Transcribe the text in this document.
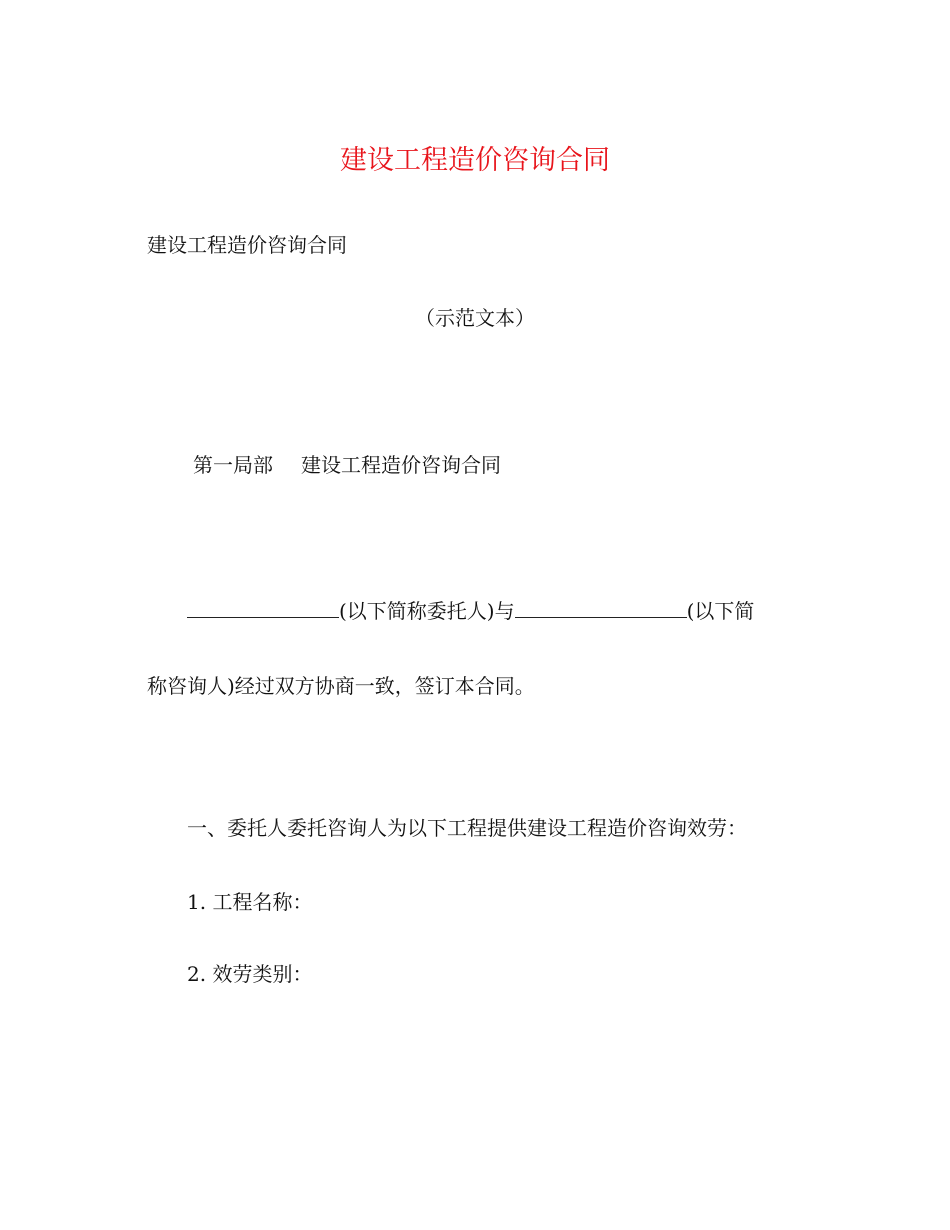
建设工程造价咨询合同
建设工程造价咨询合同
（示范文本）
第一局部 建设工程造价咨询合同
(以下简称委托人)与	(以下简
称咨询人)经过双方协商一致，签订本合同。
一、委托人委托咨询人为以下工程提供建设工程造价咨询效劳：
1. 工程名称：
2. 效劳类别：
